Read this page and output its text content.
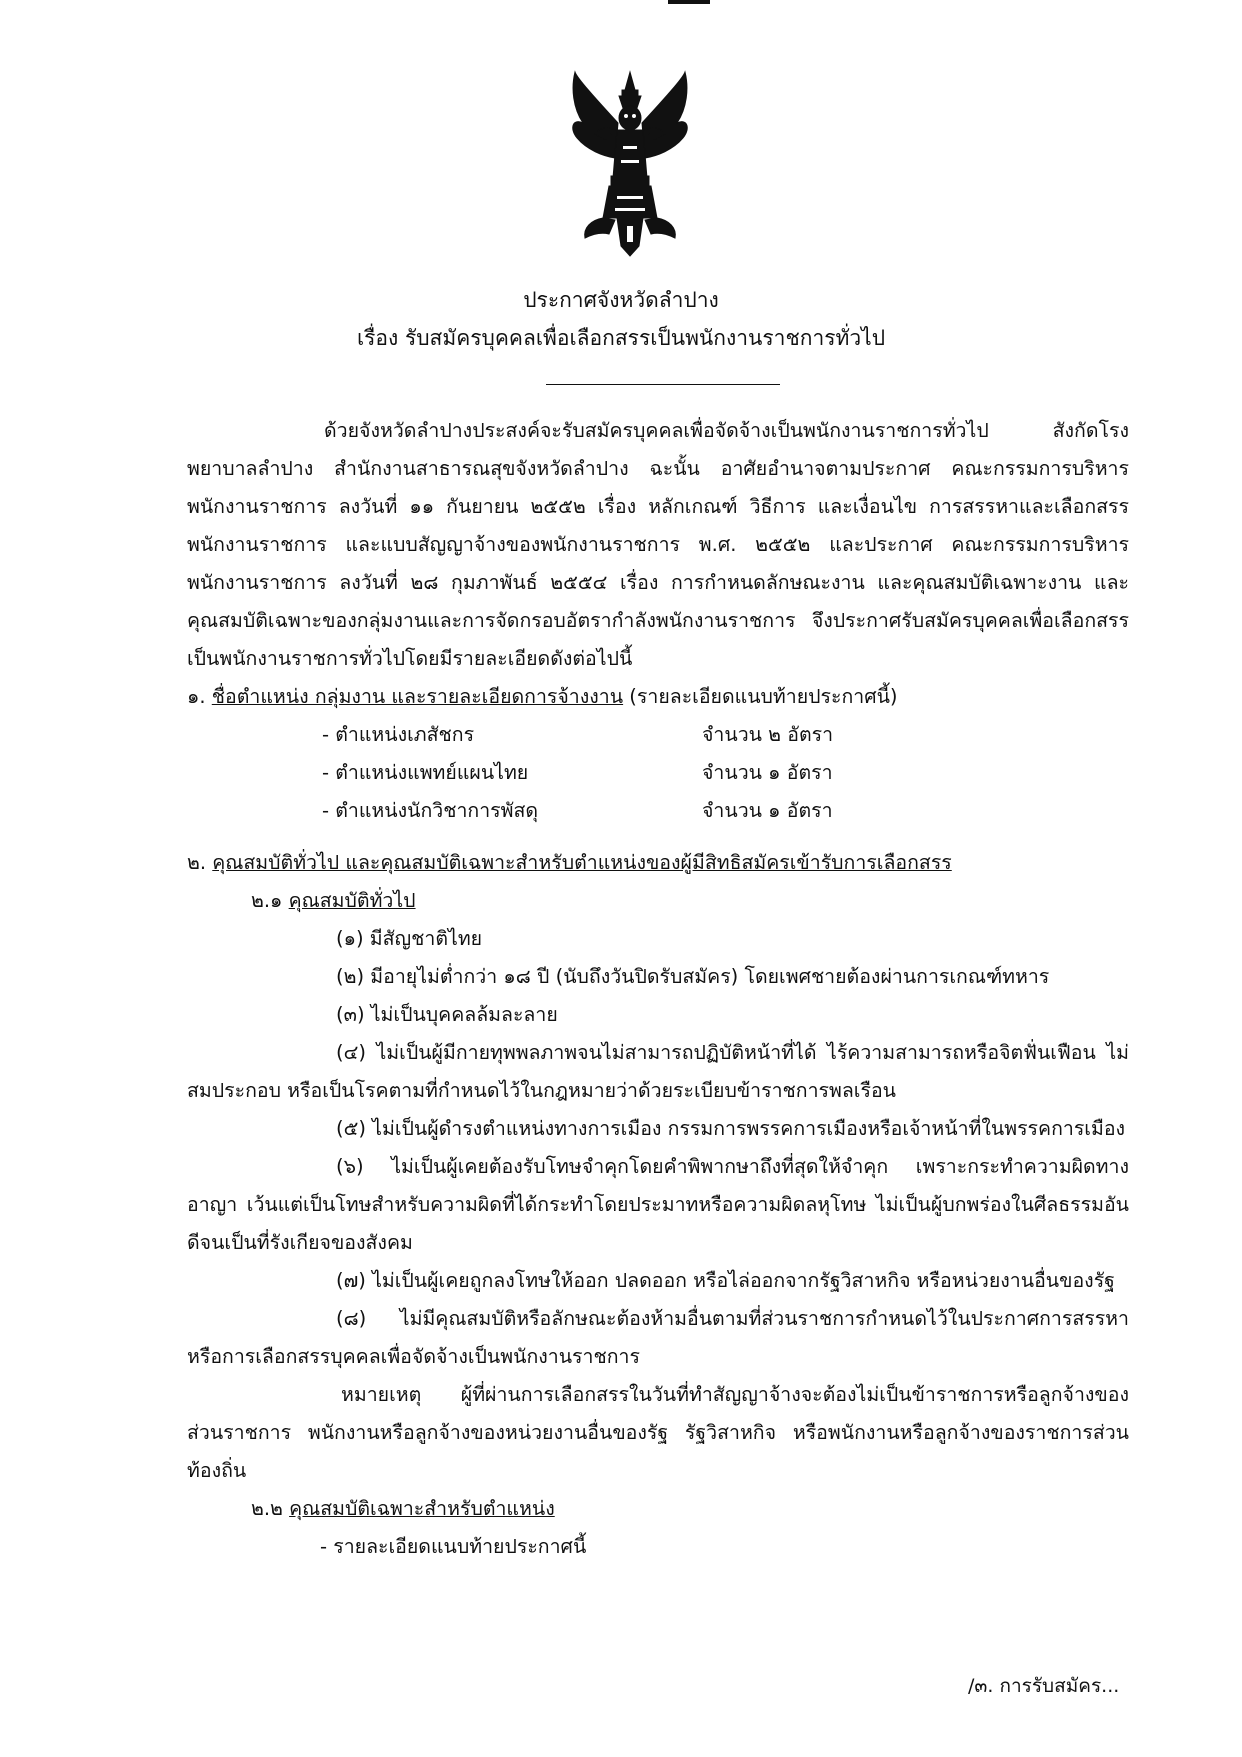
ประกาศจังหวัดลำปาง
เรื่อง รับสมัครบุคคลเพื่อเลือกสรรเป็นพนักงานราชการทั่วไป

ด้วยจังหวัดลำปางประสงค์จะรับสมัครบุคคลเพื่อจัดจ้างเป็นพนักงานราชการทั่วไป สังกัดโรงพยาบาลลำปาง สำนักงานสาธารณสุขจังหวัดลำปาง ฉะนั้น อาศัยอำนาจตามประกาศ คณะกรรมการบริหารพนักงานราชการ ลงวันที่ ๑๑ กันยายน ๒๕๕๒ เรื่อง หลักเกณฑ์ วิธีการ และเงื่อนไข การสรรหาและเลือกสรรพนักงานราชการ และแบบสัญญาจ้างของพนักงานราชการ พ.ศ. ๒๕๕๒ และประกาศ คณะกรรมการบริหารพนักงานราชการ ลงวันที่ ๒๘ กุมภาพันธ์ ๒๕๕๔ เรื่อง การกำหนดลักษณะงาน และคุณสมบัติเฉพาะงาน และคุณสมบัติเฉพาะของกลุ่มงานและการจัดกรอบอัตรากำลังพนักงานราชการ จึงประกาศรับสมัครบุคคลเพื่อเลือกสรรเป็นพนักงานราชการทั่วไปโดยมีรายละเอียดดังต่อไปนี้

๑. ชื่อตำแหน่ง กลุ่มงาน และรายละเอียดการจ้างงาน (รายละเอียดแนบท้ายประกาศนี้)

- ตำแหน่งเภสัชกร	จำนวน ๒ อัตรา
- ตำแหน่งแพทย์แผนไทย	จำนวน ๑ อัตรา
- ตำแหน่งนักวิชาการพัสดุ	จำนวน ๑ อัตรา

๒. คุณสมบัติทั่วไป และคุณสมบัติเฉพาะสำหรับตำแหน่งของผู้มีสิทธิสมัครเข้ารับการเลือกสรร

๒.๑ คุณสมบัติทั่วไป

(๑) มีสัญชาติไทย

(๒) มีอายุไม่ต่ำกว่า ๑๘ ปี (นับถึงวันปิดรับสมัคร) โดยเพศชายต้องผ่านการเกณฑ์ทหาร

(๓) ไม่เป็นบุคคลล้มละลาย

(๔) ไม่เป็นผู้มีกายทุพพลภาพจนไม่สามารถปฏิบัติหน้าที่ได้ ไร้ความสามารถหรือจิตฟั่นเฟือน ไม่สมประกอบ หรือเป็นโรคตามที่กำหนดไว้ในกฎหมายว่าด้วยระเบียบข้าราชการพลเรือน

(๕) ไม่เป็นผู้ดำรงตำแหน่งทางการเมือง กรรมการพรรคการเมืองหรือเจ้าหน้าที่ในพรรคการเมือง

(๖) ไม่เป็นผู้เคยต้องรับโทษจำคุกโดยคำพิพากษาถึงที่สุดให้จำคุก เพราะกระทำความผิดทางอาญา เว้นแต่เป็นโทษสำหรับความผิดที่ได้กระทำโดยประมาทหรือความผิดลหุโทษ ไม่เป็นผู้บกพร่องในศีลธรรมอันดีจนเป็นที่รังเกียจของสังคม

(๗) ไม่เป็นผู้เคยถูกลงโทษให้ออก ปลดออก หรือไล่ออกจากรัฐวิสาหกิจ หรือหน่วยงานอื่นของรัฐ

(๘) ไม่มีคุณสมบัติหรือลักษณะต้องห้ามอื่นตามที่ส่วนราชการกำหนดไว้ในประกาศการสรรหา หรือการเลือกสรรบุคคลเพื่อจัดจ้างเป็นพนักงานราชการ

หมายเหตุ ผู้ที่ผ่านการเลือกสรรในวันที่ทำสัญญาจ้างจะต้องไม่เป็นข้าราชการหรือลูกจ้างของส่วนราชการ พนักงานหรือลูกจ้างของหน่วยงานอื่นของรัฐ รัฐวิสาหกิจ หรือพนักงานหรือลูกจ้างของราชการส่วนท้องถิ่น

๒.๒ คุณสมบัติเฉพาะสำหรับตำแหน่ง

- รายละเอียดแนบท้ายประกาศนี้

/๓. การรับสมัคร...
